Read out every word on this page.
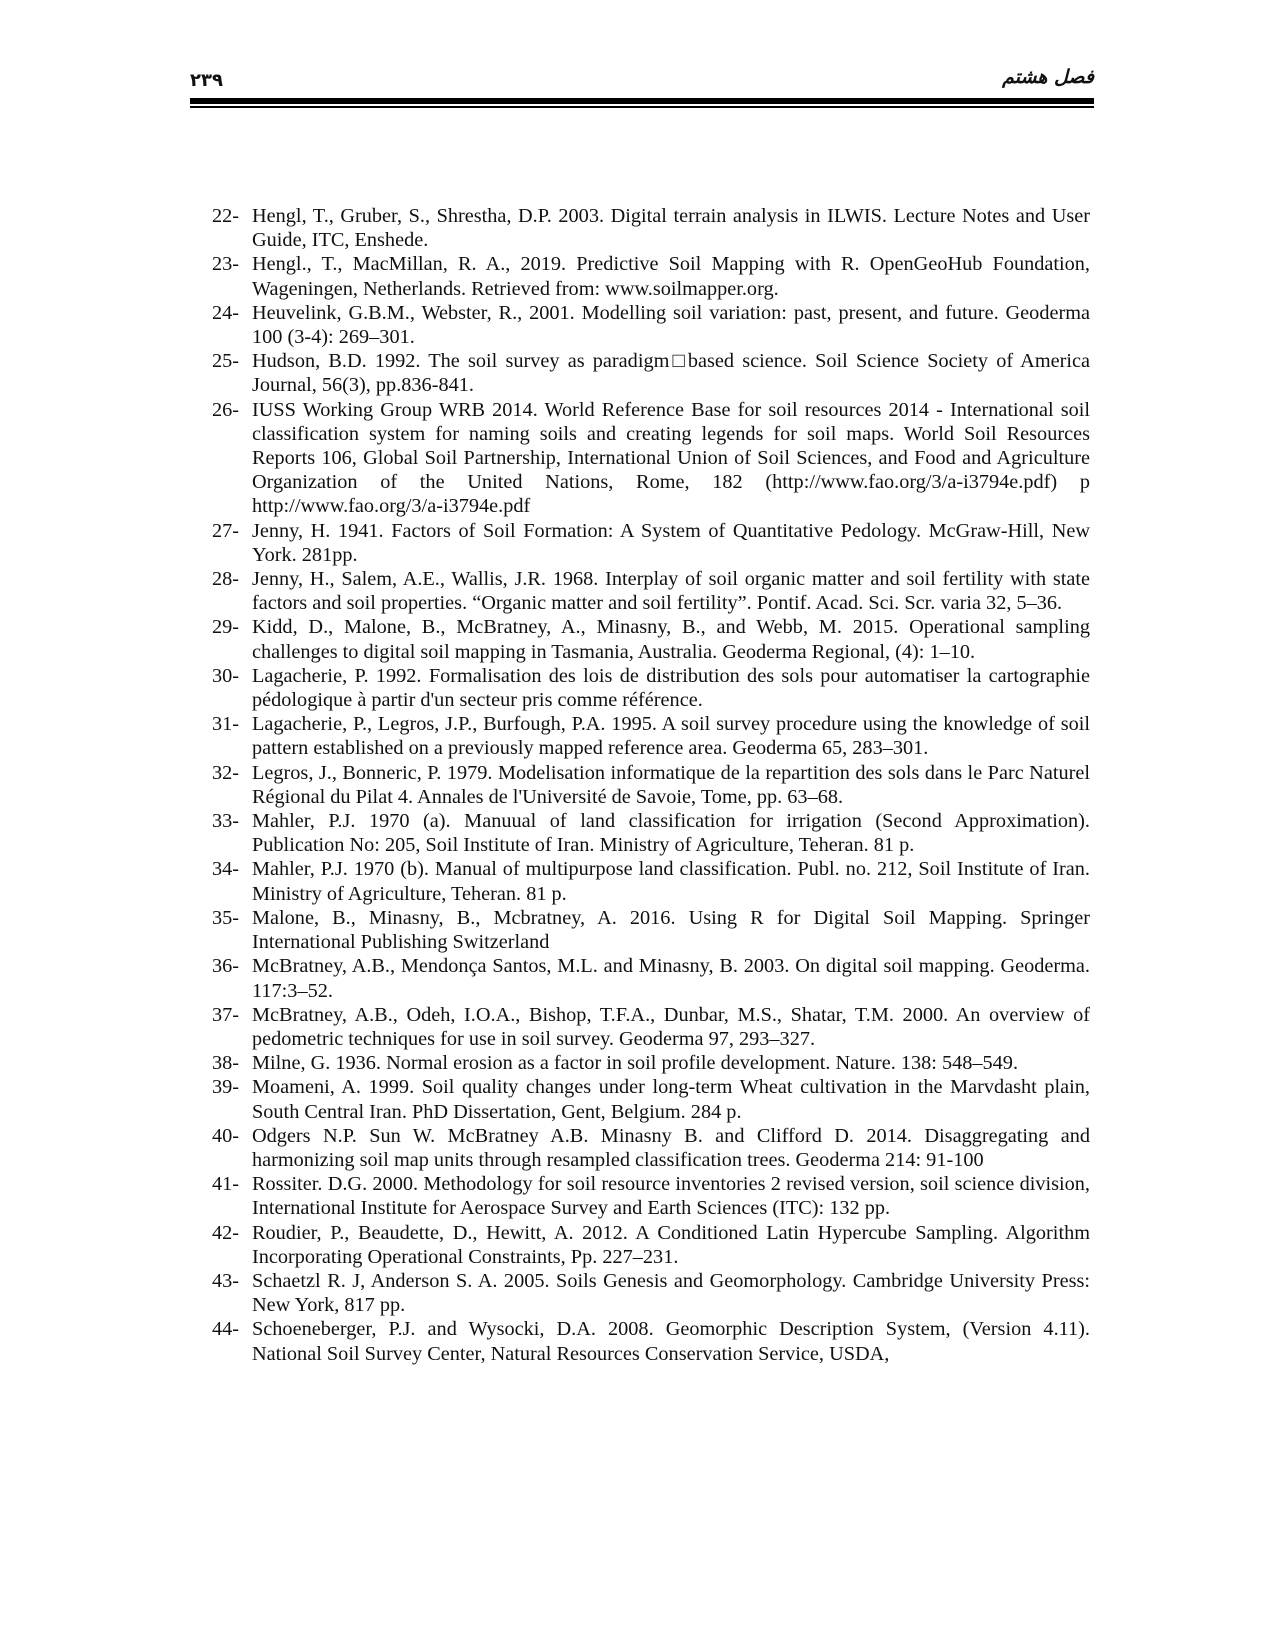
۲۳۹	فصل هشتم
22- Hengl, T., Gruber, S., Shrestha, D.P. 2003. Digital terrain analysis in ILWIS. Lecture Notes and User Guide, ITC, Enshede.
23- Hengl., T., MacMillan, R. A., 2019. Predictive Soil Mapping with R. OpenGeoHub Foundation, Wageningen, Netherlands. Retrieved from: www.soilmapper.org.
24- Heuvelink, G.B.M., Webster, R., 2001. Modelling soil variation: past, present, and future. Geoderma 100 (3-4): 269–301.
25- Hudson, B.D. 1992. The soil survey as paradigm□based science. Soil Science Society of America Journal, 56(3), pp.836-841.
26- IUSS Working Group WRB 2014. World Reference Base for soil resources 2014 - International soil classification system for naming soils and creating legends for soil maps. World Soil Resources Reports 106, Global Soil Partnership, International Union of Soil Sciences, and Food and Agriculture Organization of the United Nations, Rome, 182 (http://www.fao.org/3/a-i3794e.pdf) p http://www.fao.org/3/a-i3794e.pdf
27- Jenny, H. 1941. Factors of Soil Formation: A System of Quantitative Pedology. McGraw-Hill, New York. 281pp.
28- Jenny, H., Salem, A.E., Wallis, J.R. 1968. Interplay of soil organic matter and soil fertility with state factors and soil properties. “Organic matter and soil fertility”. Pontif. Acad. Sci. Scr. varia 32, 5–36.
29- Kidd, D., Malone, B., McBratney, A., Minasny, B., and Webb, M. 2015. Operational sampling challenges to digital soil mapping in Tasmania, Australia. Geoderma Regional, (4): 1–10.
30- Lagacherie, P. 1992. Formalisation des lois de distribution des sols pour automatiser la cartographie pédologique à partir d'un secteur pris comme référence.
31- Lagacherie, P., Legros, J.P., Burfough, P.A. 1995. A soil survey procedure using the knowledge of soil pattern established on a previously mapped reference area. Geoderma 65, 283–301.
32- Legros, J., Bonneric, P. 1979. Modelisation informatique de la repartition des sols dans le Parc Naturel Régional du Pilat 4. Annales de l'Université de Savoie, Tome, pp. 63–68.
33- Mahler, P.J. 1970 (a). Manuual of land classification for irrigation (Second Approximation). Publication No: 205, Soil Institute of Iran. Ministry of Agriculture, Teheran. 81 p.
34- Mahler, P.J. 1970 (b). Manual of multipurpose land classification. Publ. no. 212, Soil Institute of Iran. Ministry of Agriculture, Teheran. 81 p.
35- Malone, B., Minasny, B., Mcbratney, A. 2016. Using R for Digital Soil Mapping. Springer International Publishing Switzerland
36- McBratney, A.B., Mendonça Santos, M.L. and Minasny, B. 2003. On digital soil mapping. Geoderma. 117:3–52.
37- McBratney, A.B., Odeh, I.O.A., Bishop, T.F.A., Dunbar, M.S., Shatar, T.M. 2000. An overview of pedometric techniques for use in soil survey. Geoderma 97, 293–327.
38- Milne, G. 1936. Normal erosion as a factor in soil profile development. Nature. 138: 548–549.
39- Moameni, A. 1999. Soil quality changes under long-term Wheat cultivation in the Marvdasht plain, South Central Iran. PhD Dissertation, Gent, Belgium. 284 p.
40- Odgers N.P. Sun W. McBratney A.B. Minasny B. and Clifford D. 2014. Disaggregating and harmonizing soil map units through resampled classification trees. Geoderma 214: 91-100
41- Rossiter. D.G. 2000. Methodology for soil resource inventories 2 revised version, soil science division, International Institute for Aerospace Survey and Earth Sciences (ITC): 132 pp.
42- Roudier, P., Beaudette, D., Hewitt, A. 2012. A Conditioned Latin Hypercube Sampling. Algorithm Incorporating Operational Constraints, Pp. 227–231.
43- Schaetzl R. J, Anderson S. A. 2005. Soils Genesis and Geomorphology. Cambridge University Press: New York, 817 pp.
44- Schoeneberger, P.J. and Wysocki, D.A. 2008. Geomorphic Description System, (Version 4.11). National Soil Survey Center, Natural Resources Conservation Service, USDA,
